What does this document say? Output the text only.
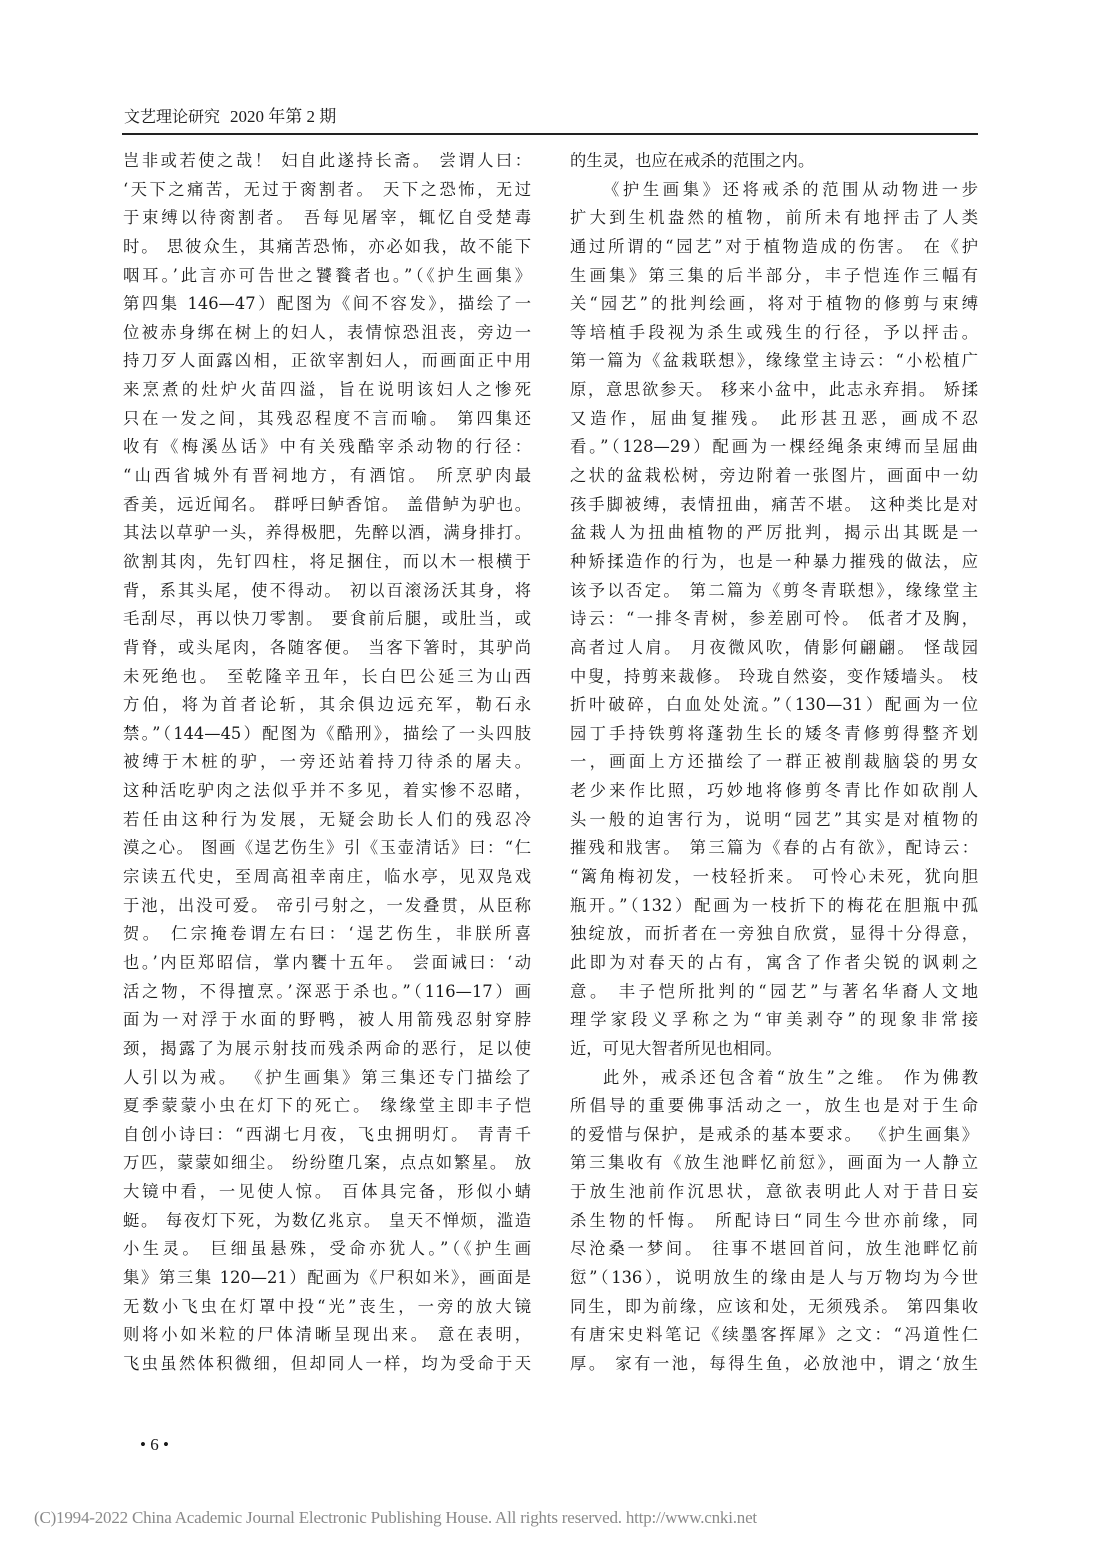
文艺理论研究 2020 年第 2 期
岂非或若使之哉！ 妇自此遂持长斋。 尝谓人曰：
‘天下之痛苦，无过于脔割者。 天下之恐怖，无过
于束缚以待脔割者。 吾每见屠宰，辄忆自受楚毒
时。 思彼众生，其痛苦恐怖，亦必如我，故不能下
咽耳。’此言亦可告世之饕餮者也。”（《护生画集》
第四集 146—47）配图为《间不容发》，描绘了一
位被赤身绑在树上的妇人，表情惊恐沮丧，旁边一
持刀歹人面露凶相，正欲宰割妇人，而画面正中用
来烹煮的灶炉火苗四溢，旨在说明该妇人之惨死
只在一发之间，其残忍程度不言而喻。 第四集还
收有《梅溪丛话》中有关残酷宰杀动物的行径：
“山西省城外有晋祠地方，有酒馆。 所烹驴肉最
香美，远近闻名。 群呼曰鲈香馆。 盖借鲈为驴也。
其法以草驴一头，养得极肥，先醉以酒，满身排打。
欲割其肉，先钉四柱，将足捆住，而以木一根横于
背，系其头尾，使不得动。 初以百滚汤沃其身，将
毛刮尽，再以快刀零割。 要食前后腿，或肚当，或
背脊，或头尾肉，各随客便。 当客下箸时，其驴尚
未死绝也。 至乾隆辛丑年，长白巴公延三为山西
方伯，将为首者论斩，其余俱边远充军，勒石永
禁。”（144—45）配图为《酷刑》，描绘了一头四肢
被缚于木桩的驴，一旁还站着持刀待杀的屠夫。
这种活吃驴肉之法似乎并不多见，着实惨不忍睹，
若任由这种行为发展，无疑会助长人们的残忍冷
漠之心。 图画《逞艺伤生》引《玉壶清话》曰：“仁
宗读五代史，至周高祖幸南庄，临水亭，见双凫戏
于池，出没可爱。 帝引弓射之，一发叠贯，从臣称
贺。 仁宗掩卷谓左右曰：‘逞艺伤生，非朕所喜
也。’内臣郑昭信，掌内饔十五年。 尝面诫曰：‘动
活之物，不得擅烹。’深恶于杀也。”（116—17）画
面为一对浮于水面的野鸭，被人用箭残忍射穿脖
颈，揭露了为展示射技而残杀两命的恶行，足以使
人引以为戒。 《护生画集》第三集还专门描绘了
夏季蒙蒙小虫在灯下的死亡。 缘缘堂主即丰子恺
自创小诗曰：“西湖七月夜，飞虫拥明灯。 青青千
万匹，蒙蒙如细尘。 纷纷堕几案，点点如繁星。 放
大镜中看，一见使人惊。 百体具完备，形似小蜻
蜓。 每夜灯下死，为数亿兆京。 皇天不惮烦，滥造
小生灵。 巨细虽悬殊，受命亦犹人。”（《护生画
集》第三集 120—21）配画为《尸积如米》，画面是
无数小飞虫在灯罩中投“光”丧生，一旁的放大镜
则将小如米粒的尸体清晰呈现出来。 意在表明，
飞虫虽然体积微细，但却同人一样，均为受命于天
的生灵，也应在戒杀的范围之内。
《护生画集》还将戒杀的范围从动物进一步
扩大到生机盎然的植物，前所未有地抨击了人类
通过所谓的“园艺”对于植物造成的伤害。 在《护
生画集》第三集的后半部分，丰子恺连作三幅有
关“园艺”的批判绘画，将对于植物的修剪与束缚
等培植手段视为杀生或残生的行径，予以抨击。
第一篇为《盆栽联想》，缘缘堂主诗云：“小松植广
原，意思欲参天。 移来小盆中，此志永弃捐。 矫揉
又造作，屈曲复摧残。 此形甚丑恶，画成不忍
看。”（128—29）配画为一棵经绳条束缚而呈屈曲
之状的盆栽松树，旁边附着一张图片，画面中一幼
孩手脚被缚，表情扭曲，痛苦不堪。 这种类比是对
盆栽人为扭曲植物的严厉批判，揭示出其既是一
种矫揉造作的行为，也是一种暴力摧残的做法，应
该予以否定。 第二篇为《剪冬青联想》，缘缘堂主
诗云：“一排冬青树，参差剧可怜。 低者才及胸，
高者过人肩。 月夜微风吹，倩影何翩翩。 怪哉园
中叟，持剪来裁修。 玲珑自然姿，变作矮墙头。 枝
折叶破碎，白血处处流。”（130—31）配画为一位
园丁手持铁剪将蓬勃生长的矮冬青修剪得整齐划
一，画面上方还描绘了一群正被削裁脑袋的男女
老少来作比照，巧妙地将修剪冬青比作如砍削人
头一般的迫害行为，说明“园艺”其实是对植物的
摧残和戕害。 第三篇为《春的占有欲》，配诗云：
“篱角梅初发，一枝轻折来。 可怜心未死，犹向胆
瓶开。”（132）配画为一枝折下的梅花在胆瓶中孤
独绽放，而折者在一旁独自欣赏，显得十分得意，
此即为对春天的占有，寓含了作者尖锐的讽刺之
意。 丰子恺所批判的“园艺”与著名华裔人文地
理学家段义孚称之为“审美剥夺”的现象非常接
近，可见大智者所见也相同。
此外，戒杀还包含着“放生”之维。 作为佛教
所倡导的重要佛事活动之一，放生也是对于生命
的爱惜与保护，是戒杀的基本要求。 《护生画集》
第三集收有《放生池畔忆前愆》，画面为一人静立
于放生池前作沉思状，意欲表明此人对于昔日妄
杀生物的忏悔。 所配诗曰“同生今世亦前缘，同
尽沧桑一梦间。 往事不堪回首问，放生池畔忆前
愆”（136），说明放生的缘由是人与万物均为今世
同生，即为前缘，应该和处，无须残杀。 第四集收
有唐宋史料笔记《续墨客挥犀》之文：“冯道性仁
厚。 家有一池，每得生鱼，必放池中，谓之‘放生
• 6 •
(C)1994-2022 China Academic Journal Electronic Publishing House. All rights reserved. http://www.cnki.net
